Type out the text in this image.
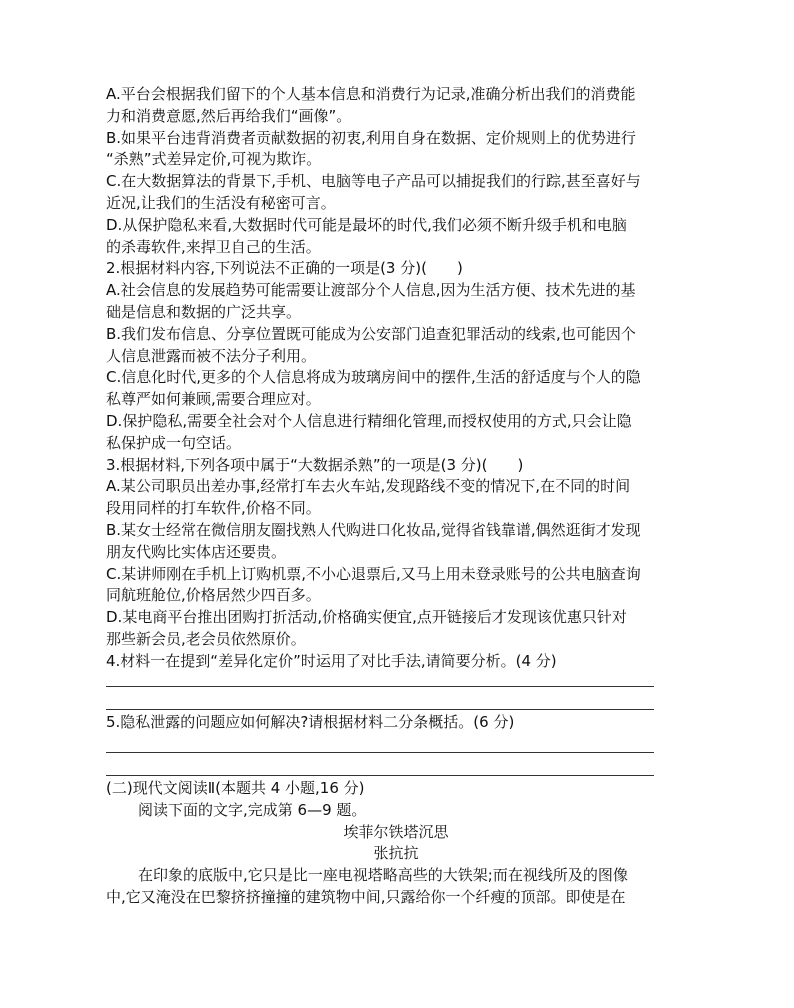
A.平台会根据我们留下的个人基本信息和消费行为记录,准确分析出我们的消费能
力和消费意愿,然后再给我们“画像”。
B.如果平台违背消费者贡献数据的初衷,利用自身在数据、定价规则上的优势进行
“杀熟”式差异定价,可视为欺诈。
C.在大数据算法的背景下,手机、电脑等电子产品可以捕捉我们的行踪,甚至喜好与
近况,让我们的生活没有秘密可言。
D.从保护隐私来看,大数据时代可能是最坏的时代,我们必须不断升级手机和电脑
的杀毒软件,来捍卫自己的生活。
2.根据材料内容,下列说法不正确的一项是(3 分)(　　)
A.社会信息的发展趋势可能需要让渡部分个人信息,因为生活方便、技术先进的基
础是信息和数据的广泛共享。
B.我们发布信息、分享位置既可能成为公安部门追查犯罪活动的线索,也可能因个
人信息泄露而被不法分子利用。
C.信息化时代,更多的个人信息将成为玻璃房间中的摆件,生活的舒适度与个人的隐
私尊严如何兼顾,需要合理应对。
D.保护隐私,需要全社会对个人信息进行精细化管理,而授权使用的方式,只会让隐
私保护成一句空话。
3.根据材料,下列各项中属于“大数据杀熟”的一项是(3 分)(　　)
A.某公司职员出差办事,经常打车去火车站,发现路线不变的情况下,在不同的时间
段用同样的打车软件,价格不同。
B.某女士经常在微信朋友圈找熟人代购进口化妆品,觉得省钱靠谱,偶然逛街才发现
朋友代购比实体店还要贵。
C.某讲师刚在手机上订购机票,不小心退票后,又马上用未登录账号的公共电脑查询
同航班舱位,价格居然少四百多。
D.某电商平台推出团购打折活动,价格确实便宜,点开链接后才发现该优惠只针对
那些新会员,老会员依然原价。
4.材料一在提到“差异化定价”时运用了对比手法,请简要分析。(4 分)
5.隐私泄露的问题应如何解决?请根据材料二分条概括。(6 分)
(二)现代文阅读Ⅱ(本题共 4 小题,16 分)
阅读下面的文字,完成第 6—9 题。
埃菲尔铁塔沉思
张抗抗
在印象的底版中,它只是比一座电视塔略高些的大铁架;而在视线所及的图像
中,它又淹没在巴黎挤挤撞撞的建筑物中间,只露给你一个纤瘦的顶部。即使是在
